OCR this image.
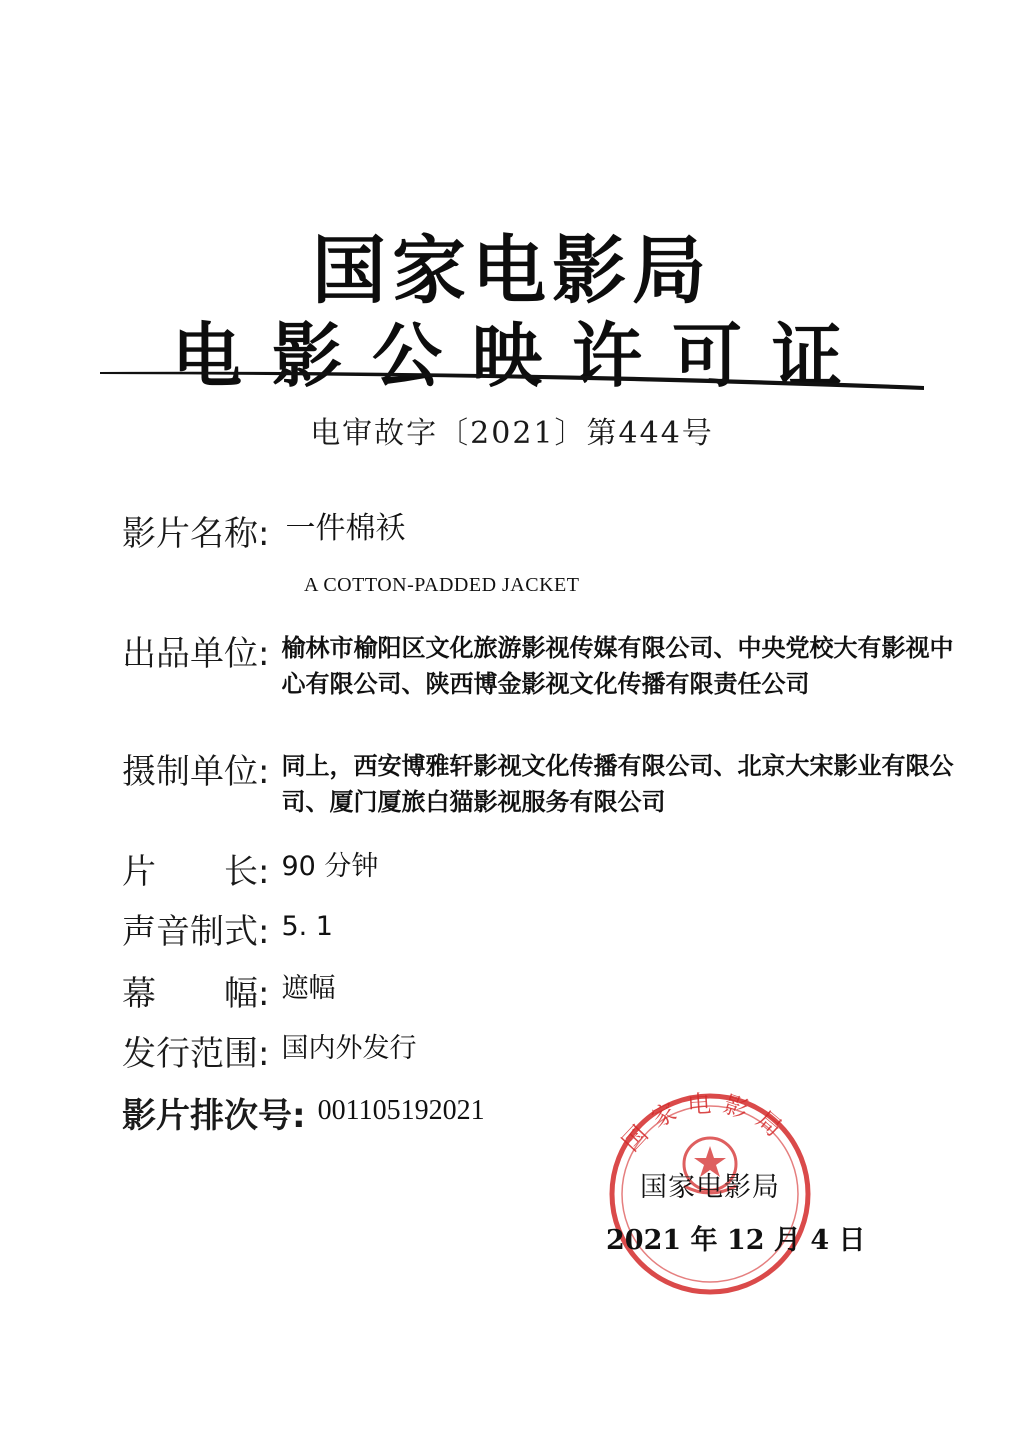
国家电影局
电影公映许可证
电审故字〔2021〕第444号
影片名称: 一件棉袄
A COTTON-PADDED JACKET
出品单位: 榆林市榆阳区文化旅游影视传媒有限公司、中央党校大有影视中心有限公司、陕西博金影视文化传播有限责任公司
摄制单位: 同上，西安博雅轩影视文化传播有限公司、北京大宋影业有限公司、厦门厦旅白猫影视服务有限公司
片　　长: 90 分钟
声音制式: 5. 1
幕　　幅: 遮幅
发行范围: 国内外发行
影片排次号: 001105192021
国家电影局
国家电影局
2021 年 12 月 4 日
